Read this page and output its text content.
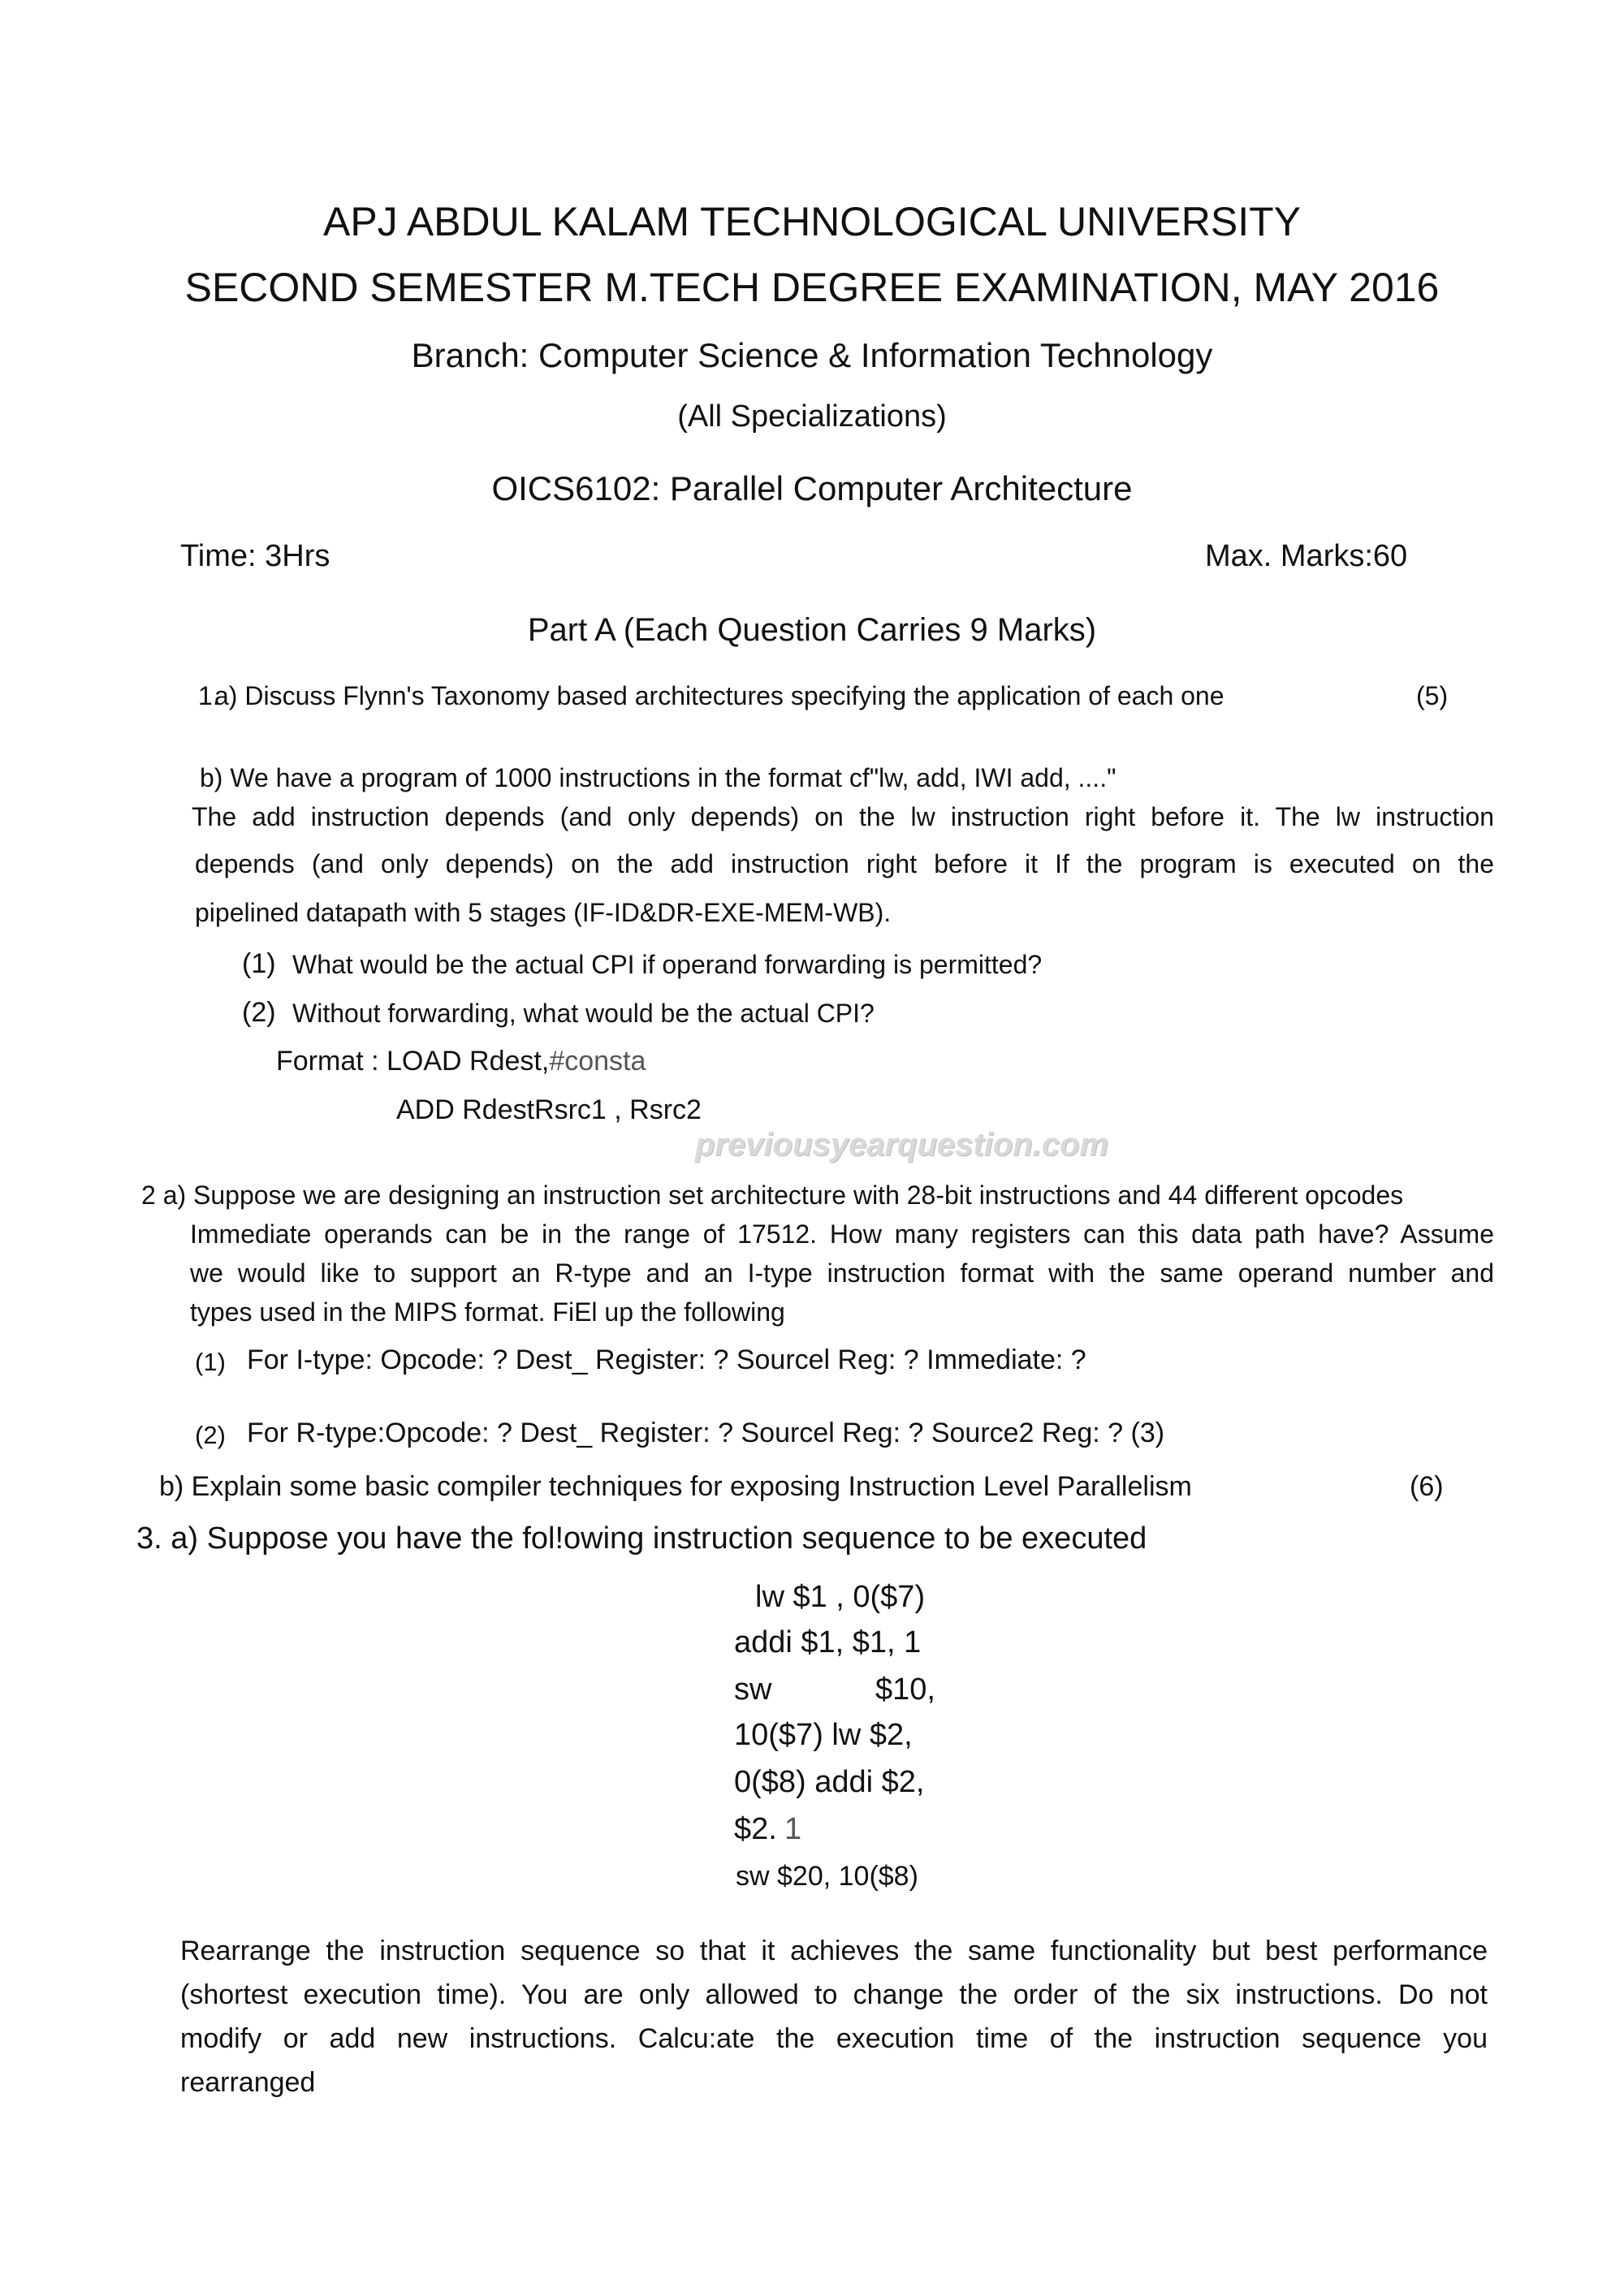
APJ ABDUL KALAM TECHNOLOGICAL UNIVERSITY
SECOND SEMESTER M.TECH DEGREE EXAMINATION, MAY 2016
Branch: Computer Science & Information Technology
(All Specializations)
OICS6102: Parallel Computer Architecture
Time: 3Hrs	Max. Marks:60
Part A (Each Question Carries 9 Marks)
1.
a) Discuss Flynn's Taxonomy based architectures specifying the application of each one	(5)
b) We have a program of 1000 instructions in the format cf"lw, add, IWI add, ...."
The add instruction depends (and only depends) on the lw instruction right before it. The lw instruction
depends (and only depends) on the add instruction right before it If the program is executed on the
pipelined datapath with 5 stages (IF-ID&DR-EXE-MEM-WB).
(1) What would be the actual CPI if operand forwarding is permitted?
(2) Without forwarding, what would be the actual CPI?
Format : LOAD Rdest,#consta
ADD RdestRsrc1 , Rsrc2
previousyearquestion.com
2 a) Suppose we are designing an instruction set architecture with 28-bit instructions and 44 different opcodes
Immediate operands can be in the range of 17512. How many registers can this data path have? Assume
we would like to support an R-type and an I-type instruction format with the same operand number and
types used in the MIPS format. FiEl up the following
(1) For I-type: Opcode: ? Dest_ Register: ? Sourcel Reg: ? Immediate: ?
(2) For R-type:Opcode: ? Dest_ Register: ? Sourcel Reg: ? Source2 Reg: ? (3)
b) Explain some basic compiler techniques for exposing Instruction Level Parallelism	(6)
3. a) Suppose you have the fol!owing instruction sequence to be executed
lw $1 , 0($7)
addi $1, $1, 1
sw	$10,
10($7) lw $2,
0($8) addi $2,
$2. 1
sw $20, 10($8)
Rearrange the instruction sequence so that it achieves the same functionality but best performance
(shortest execution time). You are only allowed to change the order of the six instructions. Do not
modify or add new instructions. Calcu:ate the execution time of the instruction sequence you
rearranged
